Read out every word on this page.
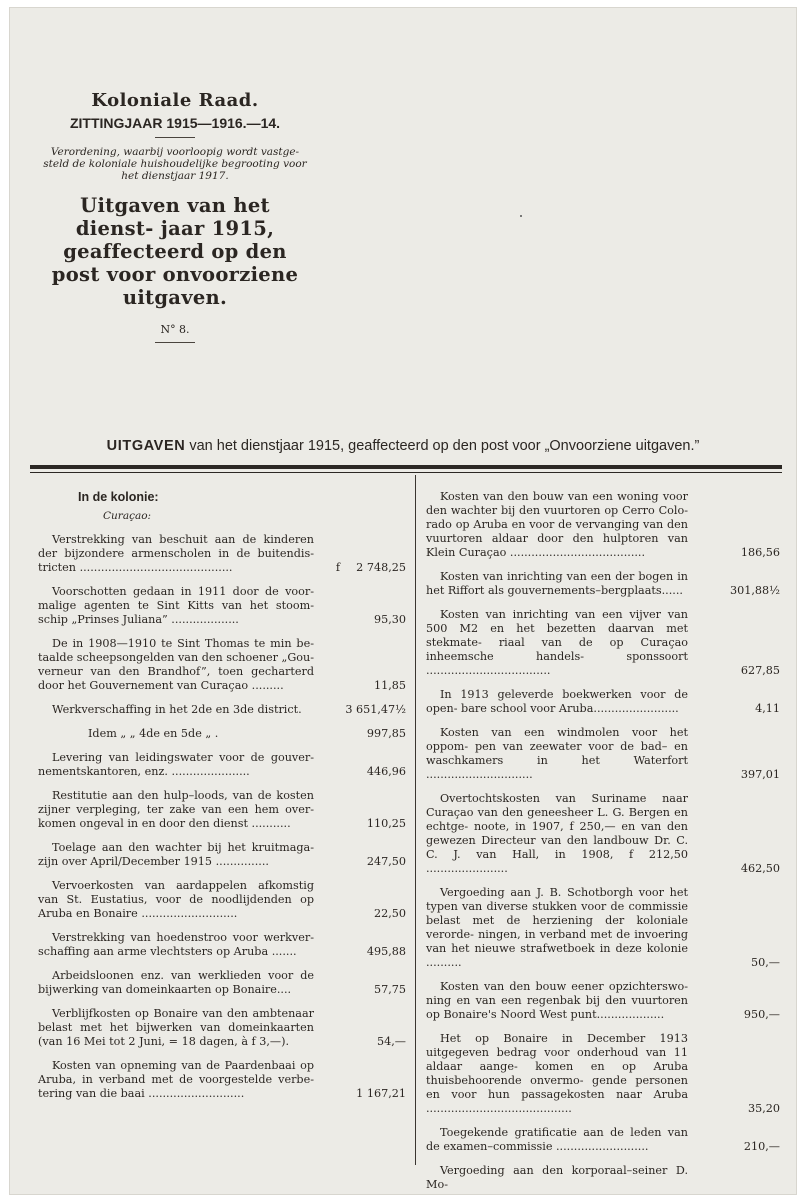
Koloniale Raad.
ZITTINGJAAR 1915—1916.—14.
Verordening, waarbij voorloopig wordt vastge- steld de koloniale huishoudelijke begrooting voor het dienstjaar 1917.
Uitgaven van het dienst- jaar 1915, geaffecteerd op den post voor onvoorziene uitgaven.
N° 8.
UITGAVEN van het dienstjaar 1915, geaffecteerd op den post voor „Onvoorziene uitgaven.”
In de kolonie:
Curaçao:
Verstrekking van beschuit aan de kinderen der bijzondere armenscholen in de buitendis- tricten ...........................................	f	2 748,25
Voorschotten gedaan in 1911 door de voor- malige agenten te Sint Kitts van het stoom- schip „Prinses Juliana” ...................	95,30
De in 1908—1910 te Sint Thomas te min be- taalde scheepsongelden van den schoener „Gou- verneur van den Brandhof”, toen gecharterd door het Gouvernement van Curaçao .........	11,85
Werkverschaffing in het 2de en 3de district.	3 651,47½
Idem „ „ 4de en 5de „ .	997,85
Levering van leidingswater voor de gouver- nementskantoren, enz. ......................	446,96
Restitutie aan den hulp–loods, van de kosten zijner verpleging, ter zake van een hem over- komen ongeval in en door den dienst ...........	110,25
Toelage aan den wachter bij het kruitmaga- zijn over April/December 1915 ...............	247,50
Vervoerkosten van aardappelen afkomstig van St. Eustatius, voor de noodlijdenden op Aruba en Bonaire ...........................	22,50
Verstrekking van hoedenstroo voor werkver- schaffing aan arme vlechtsters op Aruba .......	495,88
Arbeidsloonen enz. van werklieden voor de bijwerking van domeinkaarten op Bonaire....	57,75
Verblijfkosten op Bonaire van den ambtenaar belast met het bijwerken van domeinkaarten (van 16 Mei tot 2 Juni, = 18 dagen, à f 3,—).	54,—
Kosten van opneming van de Paardenbaai op Aruba, in verband met de voorgestelde verbe- tering van die baai ...........................	1 167,21
Kosten van den bouw van een woning voor den wachter bij den vuurtoren op Cerro Colo- rado op Aruba en voor de vervanging van den vuurtoren aldaar door den hulptoren van Klein Curaçao ......................................	186,56
Kosten van inrichting van een der bogen in het Riffort als gouvernements–bergplaats......	301,88½
Kosten van inrichting van een vijver van 500 M2 en het bezetten daarvan met stekmate- riaal van de op Curaçao inheemsche handels- sponssoort ...................................	627,85
In 1913 geleverde boekwerken voor de open- bare school voor Aruba........................	4,11
Kosten van een windmolen voor het oppom- pen van zeewater voor de bad– en waschkamers in het Waterfort ..............................	397,01
Overtochtskosten van Suriname naar Curaçao van den geneesheer L. G. Bergen en echtge- noote, in 1907, f 250,— en van den gewezen Directeur van den landbouw Dr. C. C. J. van Hall, in 1908, f 212,50 .......................	462,50
Vergoeding aan J. B. Schotborgh voor het typen van diverse stukken voor de commissie belast met de herziening der koloniale verorde- ningen, in verband met de invoering van het nieuwe strafwetboek in deze kolonie ..........	50,—
Kosten van den bouw eener opzichterswo- ning en van een regenbak bij den vuurtoren op Bonaire's Noord West punt...................	950,—
Het op Bonaire in December 1913 uitgegeven bedrag voor onderhoud van 11 aldaar aange- komen en op Aruba thuisbehoorende onvermo- gende personen en voor hun passagekosten naar Aruba .........................................	35,20
Toegekende gratificatie aan de leden van de examen–commissie ..........................	210,—
Vergoeding aan den korporaal–seiner D. Mo-
